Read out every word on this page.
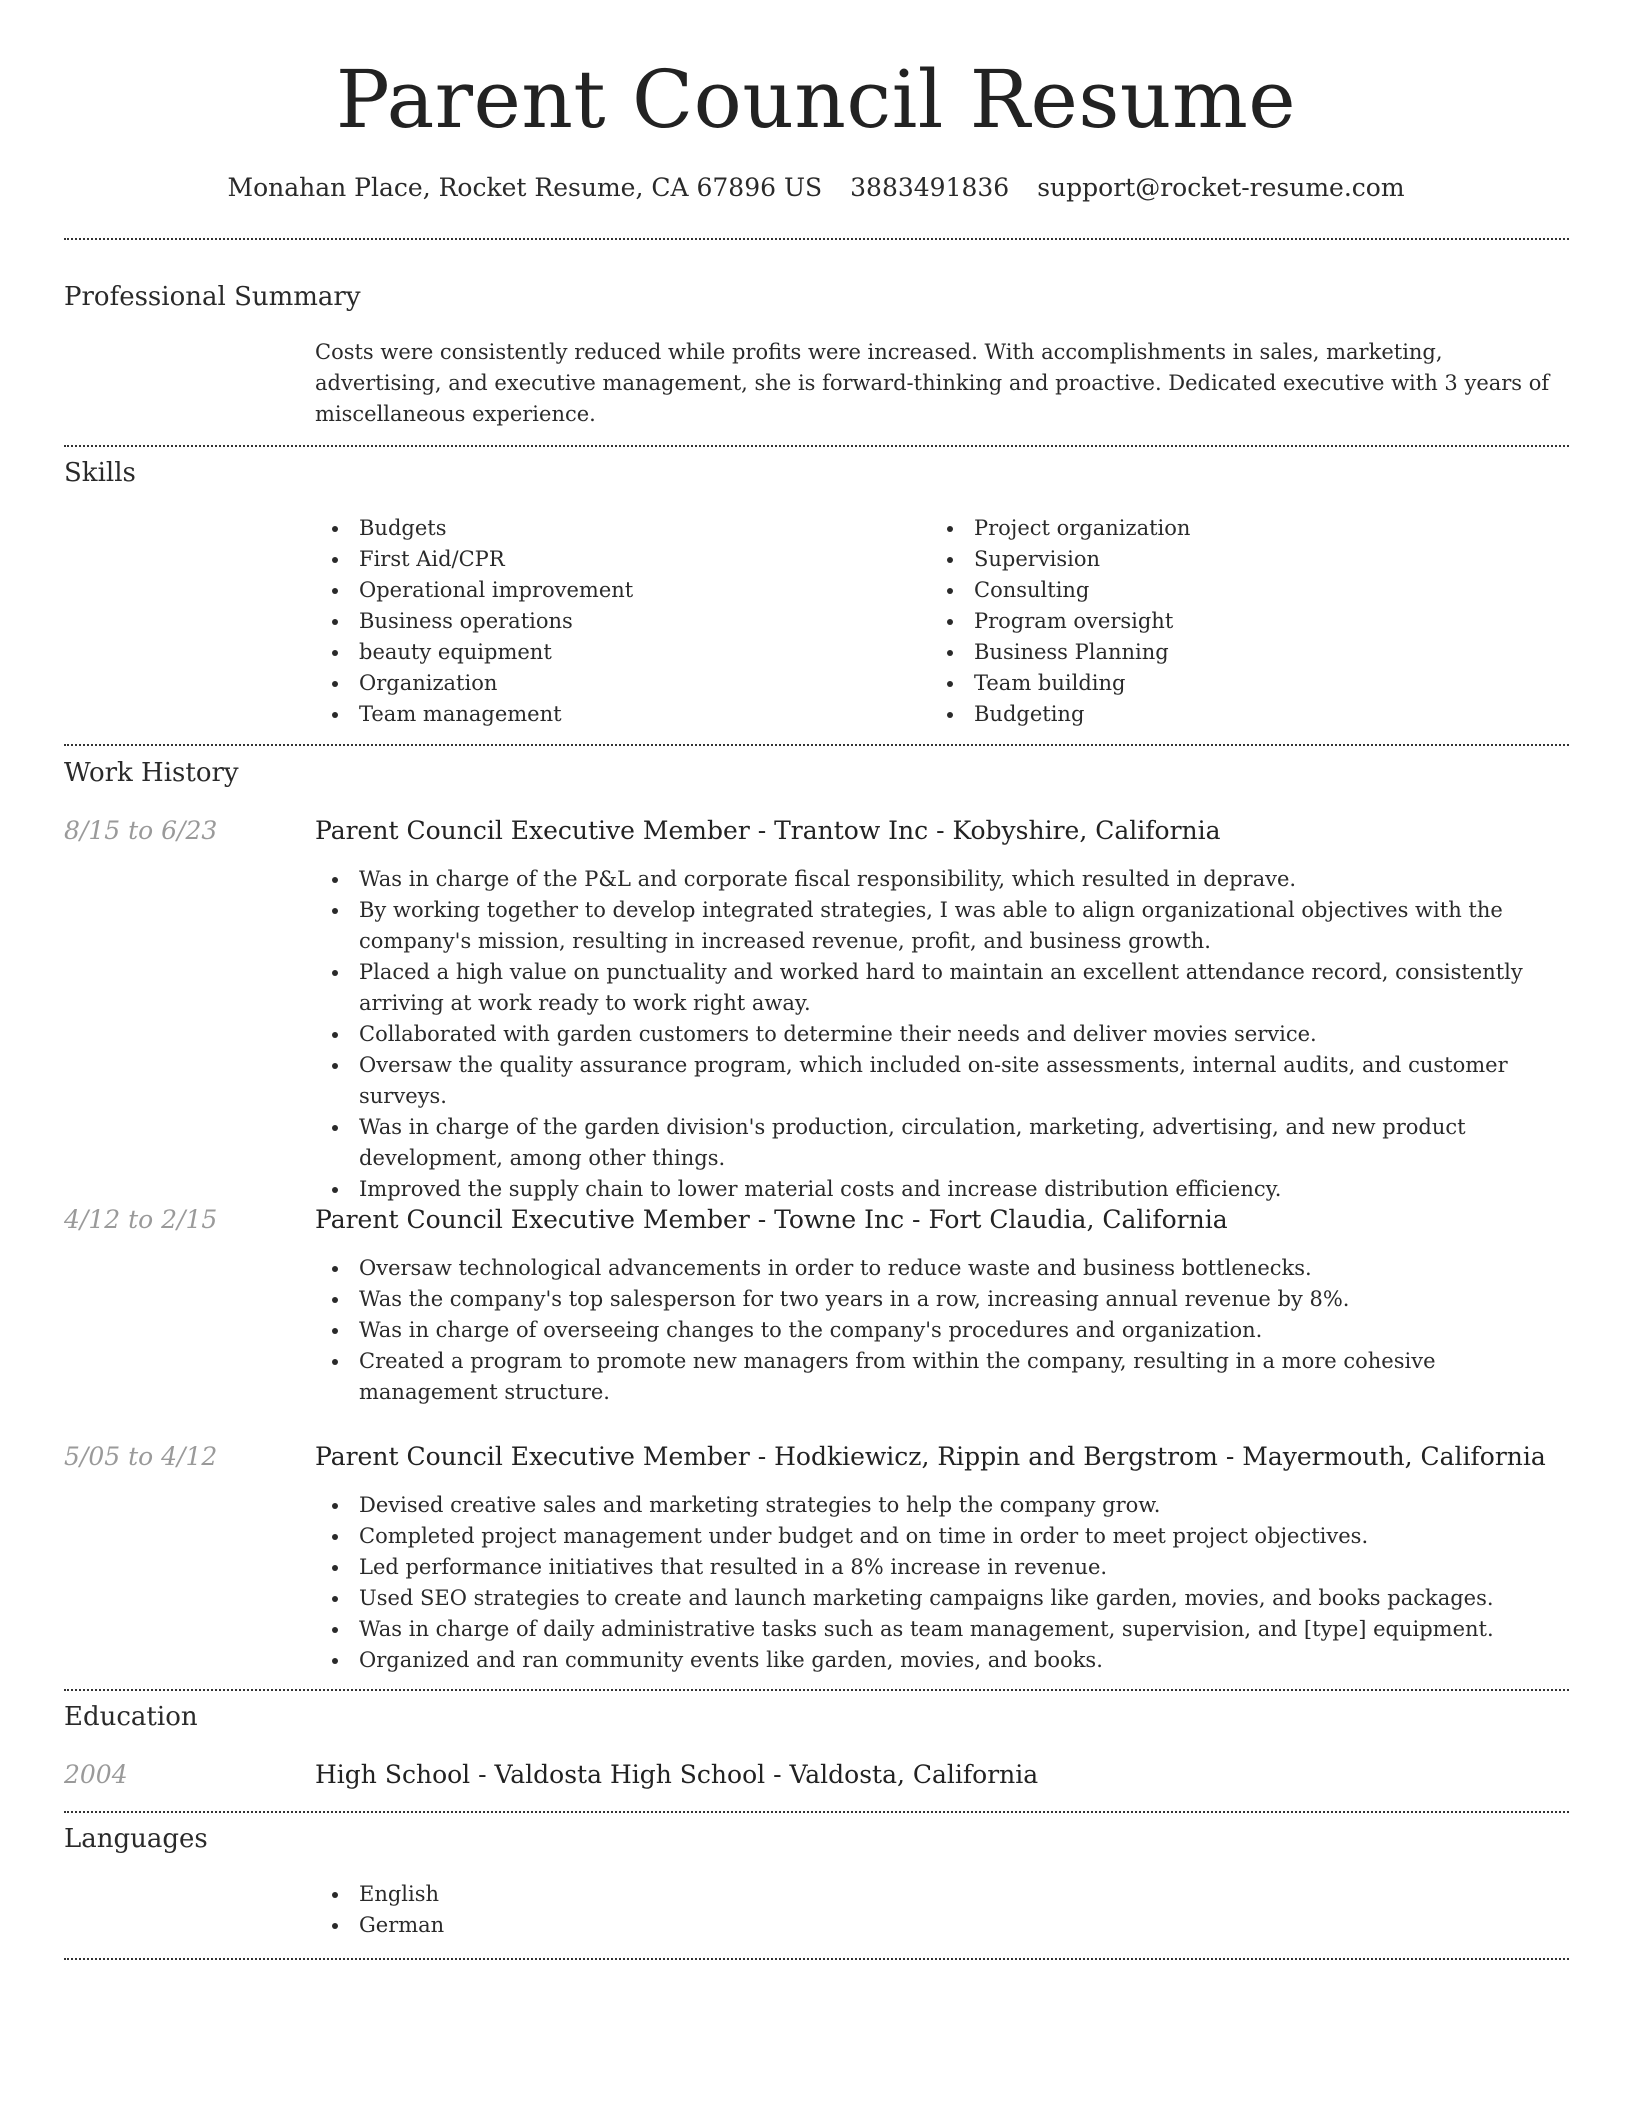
Parent Council Resume
Monahan Place, Rocket Resume, CA 67896 US 3883491836 support@rocket-resume.com
Professional Summary
Costs were consistently reduced while profits were increased. With accomplishments in sales, marketing, advertising, and executive management, she is forward-thinking and proactive. Dedicated executive with 3 years of miscellaneous experience.
Skills
Budgets
First Aid/CPR
Operational improvement
Business operations
beauty equipment
Organization
Team management
Project organization
Supervision
Consulting
Program oversight
Business Planning
Team building
Budgeting
Work History
8/15 to 6/23	Parent Council Executive Member - Trantow Inc - Kobyshire, California
Was in charge of the P&L and corporate fiscal responsibility, which resulted in deprave.
By working together to develop integrated strategies, I was able to align organizational objectives with the company's mission, resulting in increased revenue, profit, and business growth.
Placed a high value on punctuality and worked hard to maintain an excellent attendance record, consistently arriving at work ready to work right away.
Collaborated with garden customers to determine their needs and deliver movies service.
Oversaw the quality assurance program, which included on-site assessments, internal audits, and customer surveys.
Was in charge of the garden division's production, circulation, marketing, advertising, and new product development, among other things.
Improved the supply chain to lower material costs and increase distribution efficiency.
4/12 to 2/15	Parent Council Executive Member - Towne Inc - Fort Claudia, California
Oversaw technological advancements in order to reduce waste and business bottlenecks.
Was the company's top salesperson for two years in a row, increasing annual revenue by 8%.
Was in charge of overseeing changes to the company's procedures and organization.
Created a program to promote new managers from within the company, resulting in a more cohesive management structure.
5/05 to 4/12	Parent Council Executive Member - Hodkiewicz, Rippin and Bergstrom - Mayermouth, California
Devised creative sales and marketing strategies to help the company grow.
Completed project management under budget and on time in order to meet project objectives.
Led performance initiatives that resulted in a 8% increase in revenue.
Used SEO strategies to create and launch marketing campaigns like garden, movies, and books packages.
Was in charge of daily administrative tasks such as team management, supervision, and [type] equipment.
Organized and ran community events like garden, movies, and books.
Education
2004	High School - Valdosta High School - Valdosta, California
Languages
English
German
